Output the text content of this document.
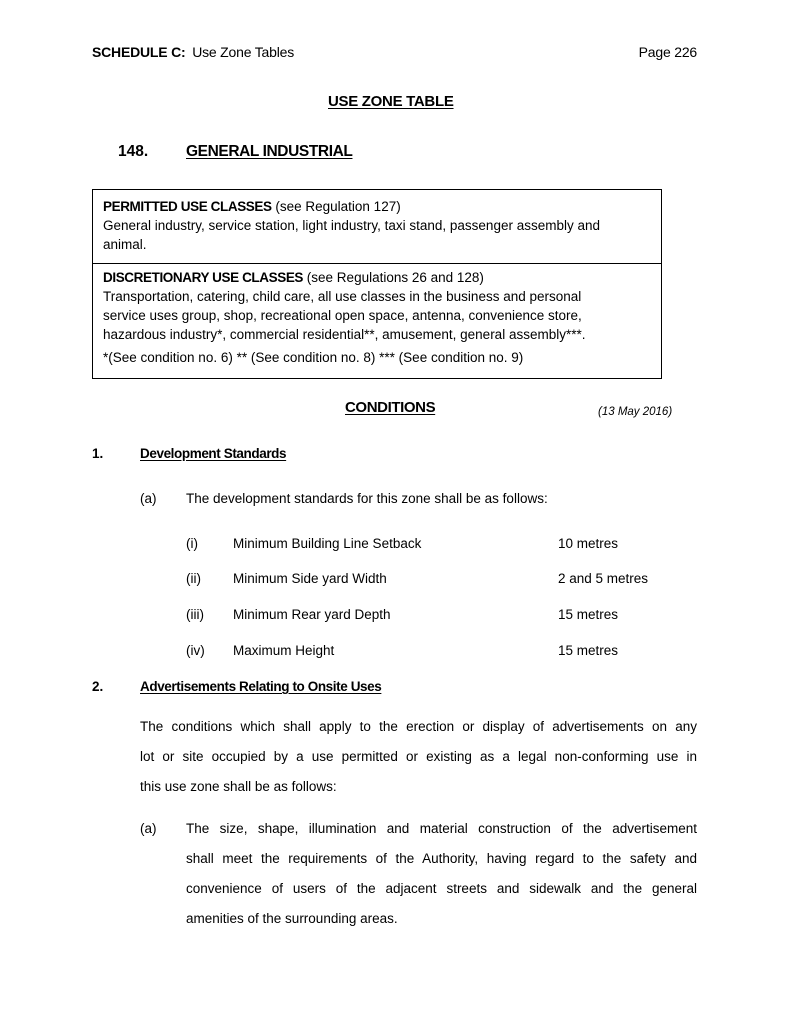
SCHEDULE C: Use Zone Tables	Page 226
USE ZONE TABLE
148. GENERAL INDUSTRIAL
PERMITTED USE CLASSES (see Regulation 127)
General industry, service station, light industry, taxi stand, passenger assembly and
animal.
DISCRETIONARY USE CLASSES (see Regulations 26 and 128)
Transportation, catering, child care, all use classes in the business and personal
service uses group, shop, recreational open space, antenna, convenience store,
hazardous industry*, commercial residential**, amusement, general assembly***.
*(See condition no. 6) ** (See condition no. 8) *** (See condition no. 9)
CONDITIONS	(13 May 2016)
1.	Development Standards
(a) The development standards for this zone shall be as follows:
(i)	Minimum Building Line Setback	10 metres
(ii) Minimum Side yard Width	2 and 5 metres
(iii) Minimum Rear yard Depth	15 metres
(iv) Maximum Height	15 metres
2.	Advertisements Relating to Onsite Uses
The conditions which shall apply to the erection or display of advertisements on any
lot or site occupied by a use permitted or existing as a legal non-conforming use in
this use zone shall be as follows:
(a) The size, shape, illumination and material construction of the advertisement
shall meet the requirements of the Authority, having regard to the safety and
convenience of users of the adjacent streets and sidewalk and the general
amenities of the surrounding areas.
